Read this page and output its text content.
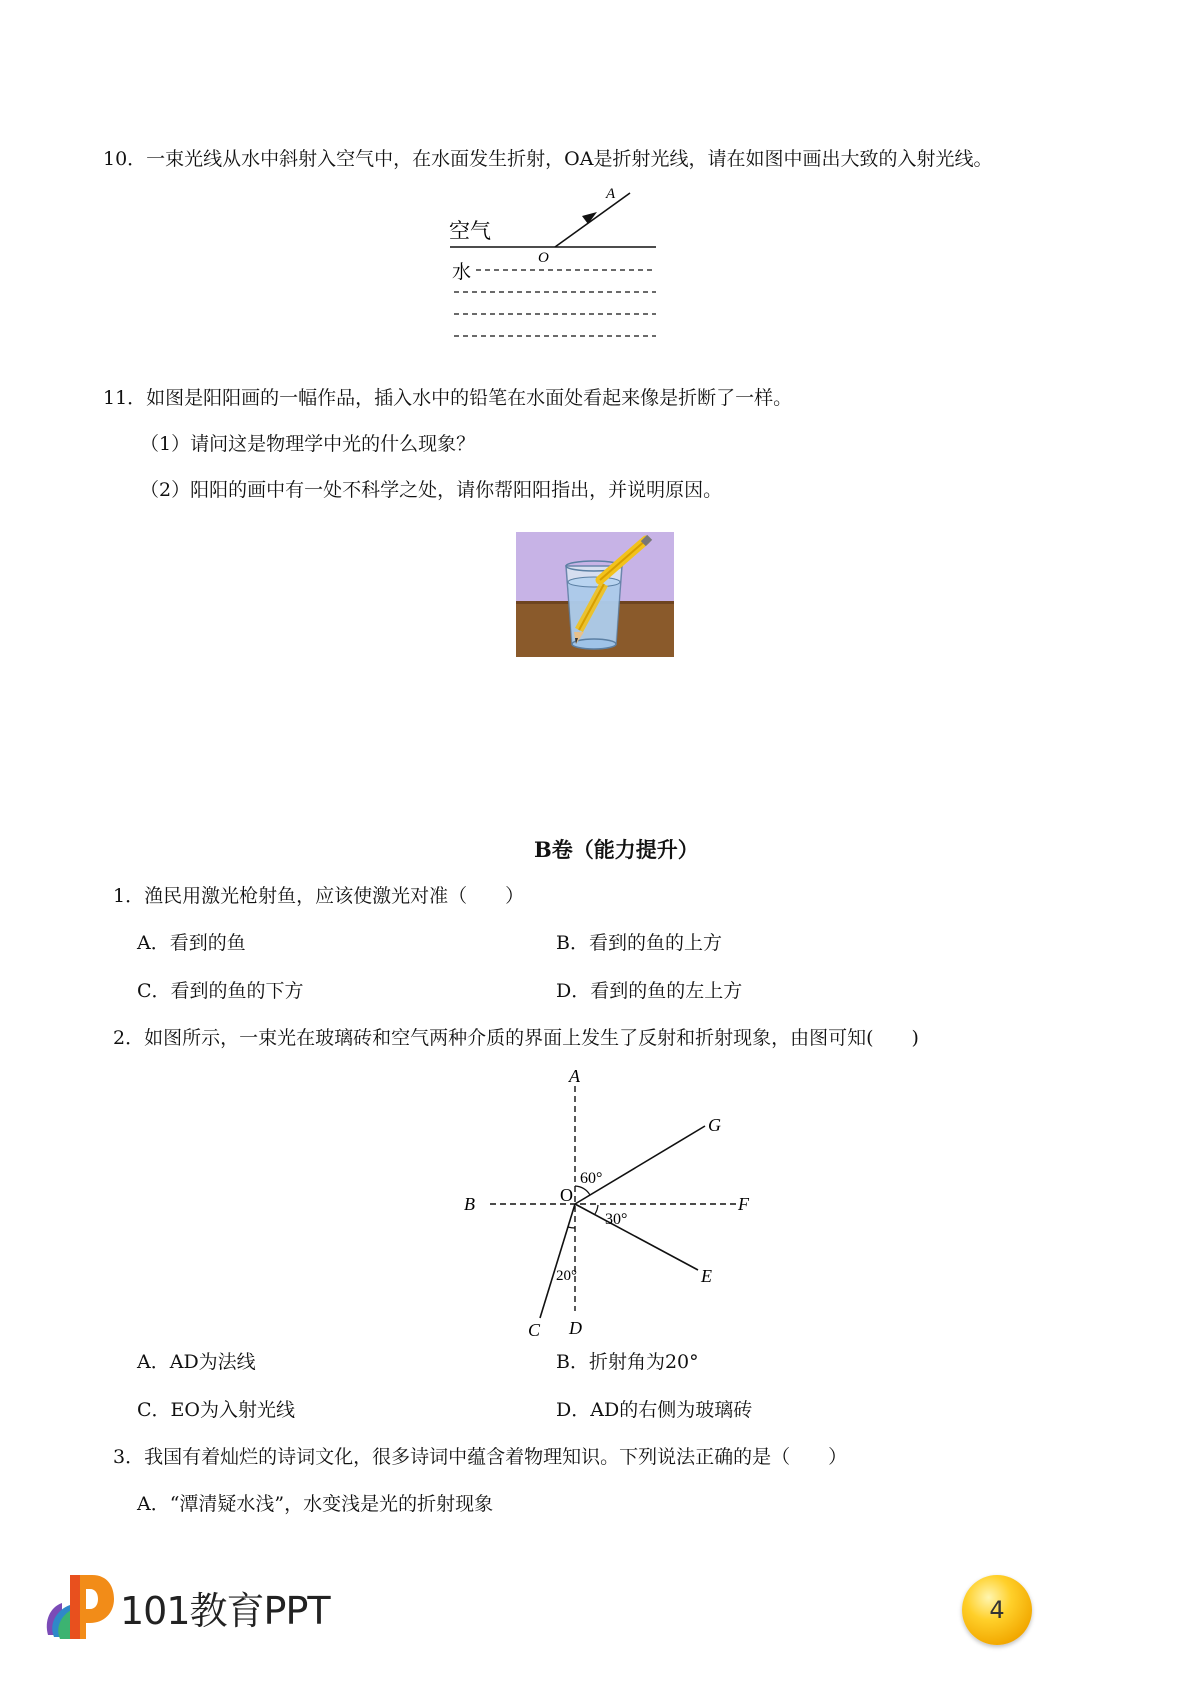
10．一束光线从水中斜射入空气中，在水面发生折射，OA是折射光线，请在如图中画出大致的入射光线。
A
O
空气
水
11．如图是阳阳画的一幅作品，插入水中的铅笔在水面处看起来像是折断了一样。
（1）请问这是物理学中光的什么现象？
（2）阳阳的画中有一处不科学之处，请你帮阳阳指出，并说明原因。
B卷（能力提升）
1．渔民用激光枪射鱼，应该使激光对准（　　）
A．看到的鱼	B．看到的鱼的上方
C．看到的鱼的下方	D．看到的鱼的左上方
2．如图所示，一束光在玻璃砖和空气两种介质的界面上发生了反射和折射现象，由图可知(　　)
A
B
C D
E
F
G
O
60°
30°
20°
A．AD为法线	B．折射角为20°
C．EO为入射光线	D．AD的右侧为玻璃砖
3．我国有着灿烂的诗词文化，很多诗词中蕴含着物理知识。下列说法正确的是（　　）
A．“潭清疑水浅”，水变浅是光的折射现象
101教育PPT	4
